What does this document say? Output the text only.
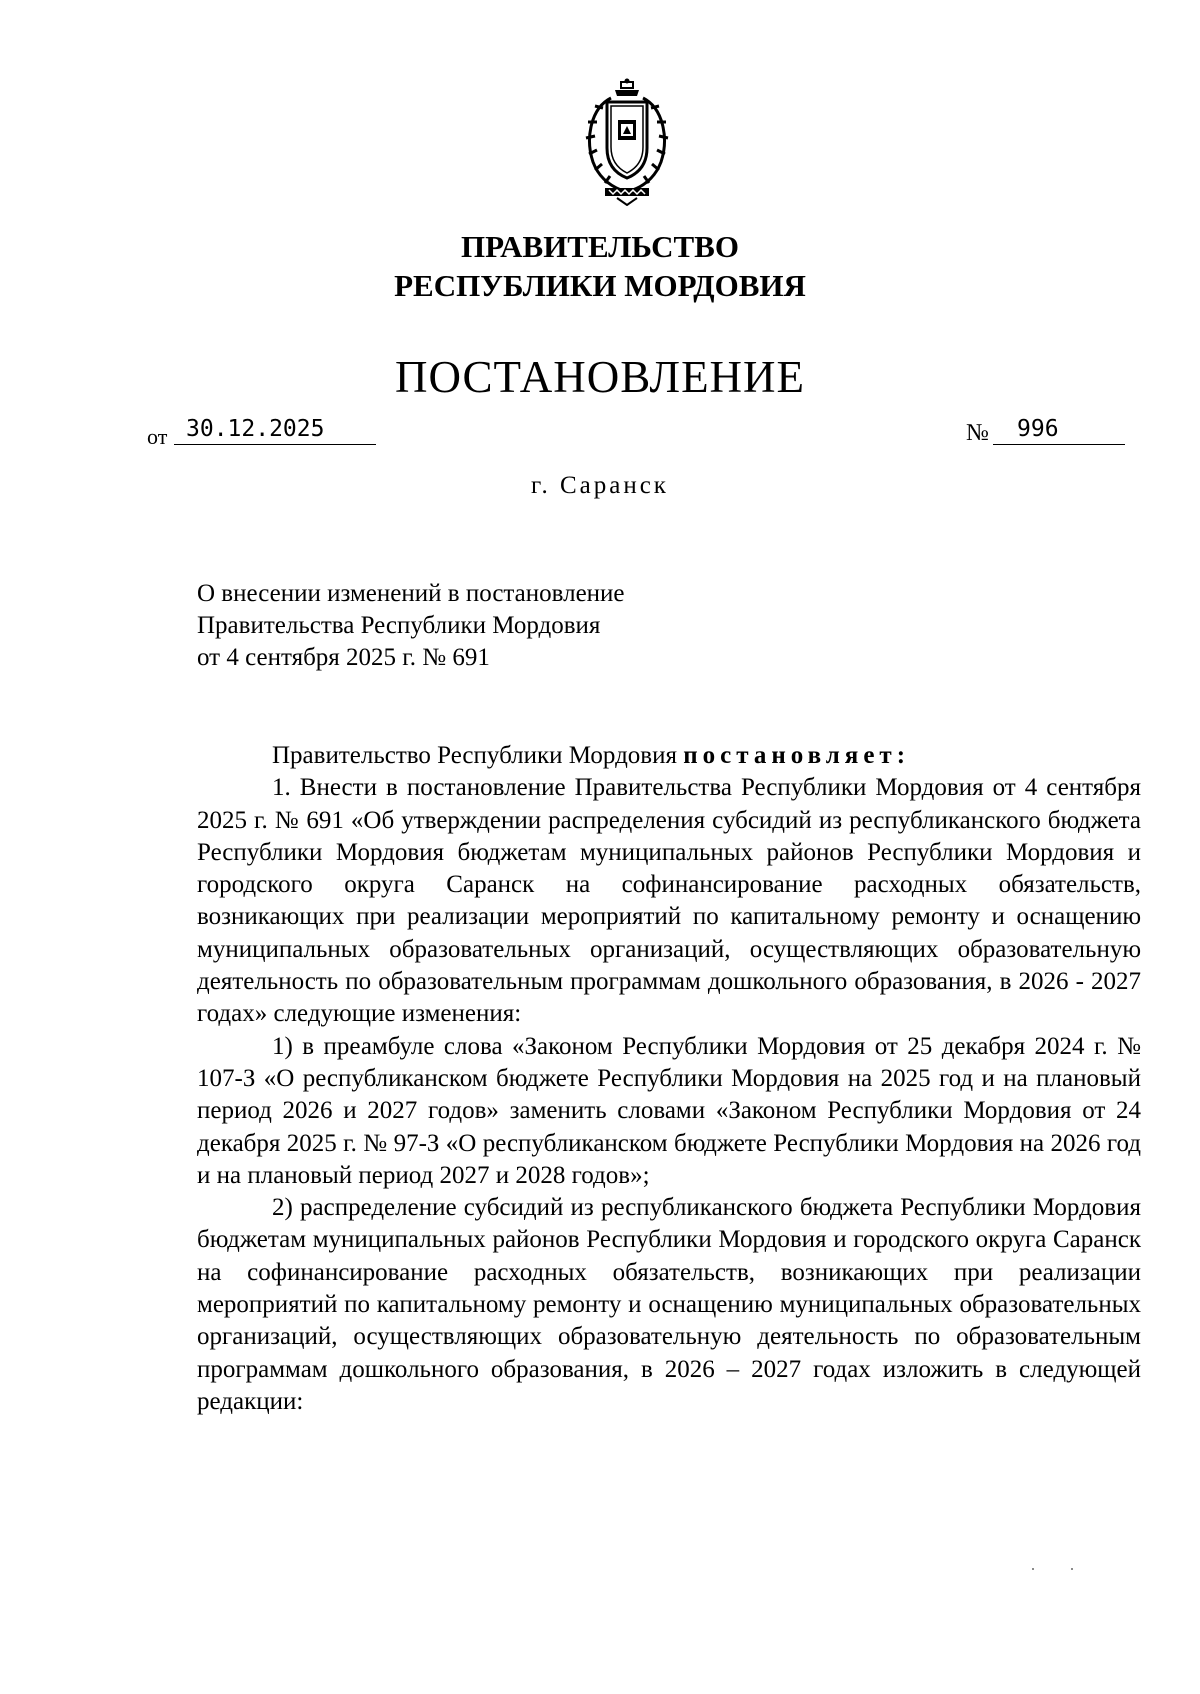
ПРАВИТЕЛЬСТВО
РЕСПУБЛИКИ МОРДОВИЯ
ПОСТАНОВЛЕНИЕ
от 30.12.2025	№	996
г. Саранск
О внесении изменений в постановление
Правительства Республики Мордовия
от 4 сентября 2025 г. № 691

Правительство Республики Мордовия постановляет:

1. Внести в постановление Правительства Республики Мордовия от 4 сентября 2025 г. № 691 «Об утверждении распределения субсидий из республиканского бюджета Республики Мордовия бюджетам муниципальных районов Республики Мордовия и городского округа Саранск на софинансирование расходных обязательств, возникающих при реализации мероприятий по капитальному ремонту и оснащению муниципальных образовательных организаций, осуществляющих образовательную деятельность по образовательным программам дошкольного образования, в 2026 - 2027 годах» следующие изменения:

1) в преамбуле слова «Законом Республики Мордовия от 25 декабря 2024 г. № 107-З «О республиканском бюджете Республики Мордовия на 2025 год и на плановый период 2026 и 2027 годов» заменить словами «Законом Республики Мордовия от 24 декабря 2025 г. № 97-З «О республиканском бюджете Республики Мордовия на 2026 год и на плановый период 2027 и 2028 годов»;

2) распределение субсидий из республиканского бюджета Республики Мордовия бюджетам муниципальных районов Республики Мордовия и городского округа Саранск на софинансирование расходных обязательств, возникающих при реализации мероприятий по капитальному ремонту и оснащению муниципальных образовательных организаций, осуществляющих образовательную деятельность по образовательным программам дошкольного образования, в 2026 – 2027 годах изложить в следующей редакции:
